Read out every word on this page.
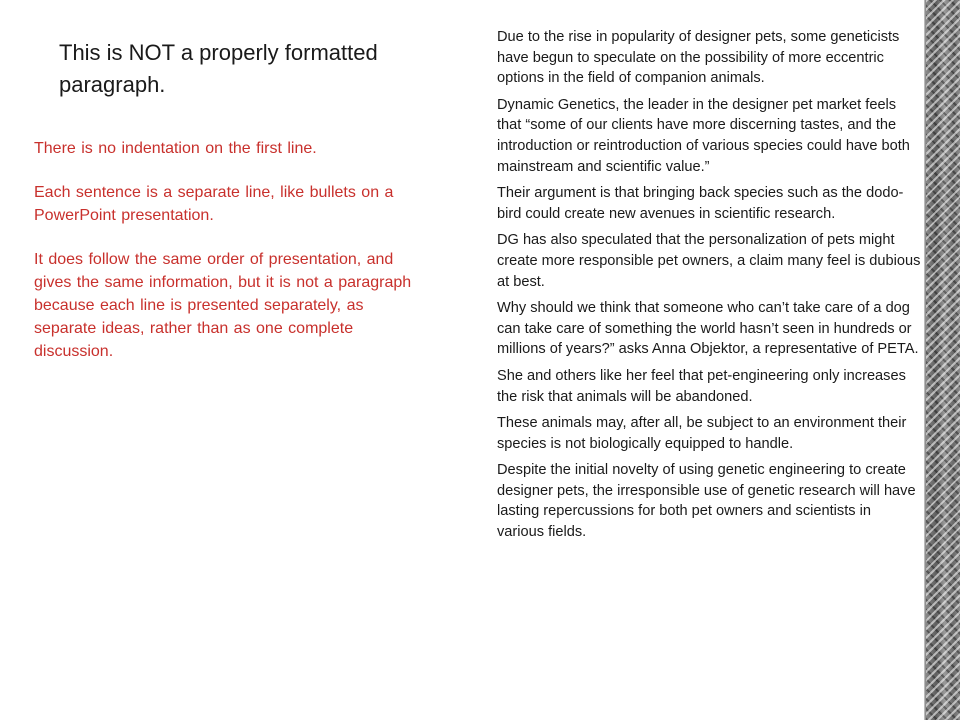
This is NOT a properly formatted paragraph.

There is no indentation on the first line.

Each sentence is a separate line, like bullets on a PowerPoint presentation.

It does follow the same order of presentation, and gives the same information, but it is not a paragraph because each line is presented separately, as separate ideas, rather than as one complete discussion.

Due to the rise in popularity of designer pets, some geneticists have begun to speculate on the possibility of more eccentric options in the field of companion animals.

Dynamic Genetics, the leader in the designer pet market feels that “some of our clients have more discerning tastes, and the introduction or reintroduction of various species could have both mainstream and scientific value.”

Their argument is that bringing back species such as the dodo-bird could create new avenues in scientific research.

DG has also speculated that the personalization of pets might create more responsible pet owners, a claim many feel is dubious at best.

Why should we think that someone who can’t take care of a dog can take care of something the world hasn’t seen in hundreds or millions of years?” asks Anna Objektor, a representative of PETA.

She and others like her feel that pet-engineering only increases the risk that animals will be abandoned.

These animals may, after all, be subject to an environment their species is not biologically equipped to handle.

Despite the initial novelty of using genetic engineering to create designer pets, the irresponsible use of genetic research will have lasting repercussions for both pet owners and scientists in various fields.
